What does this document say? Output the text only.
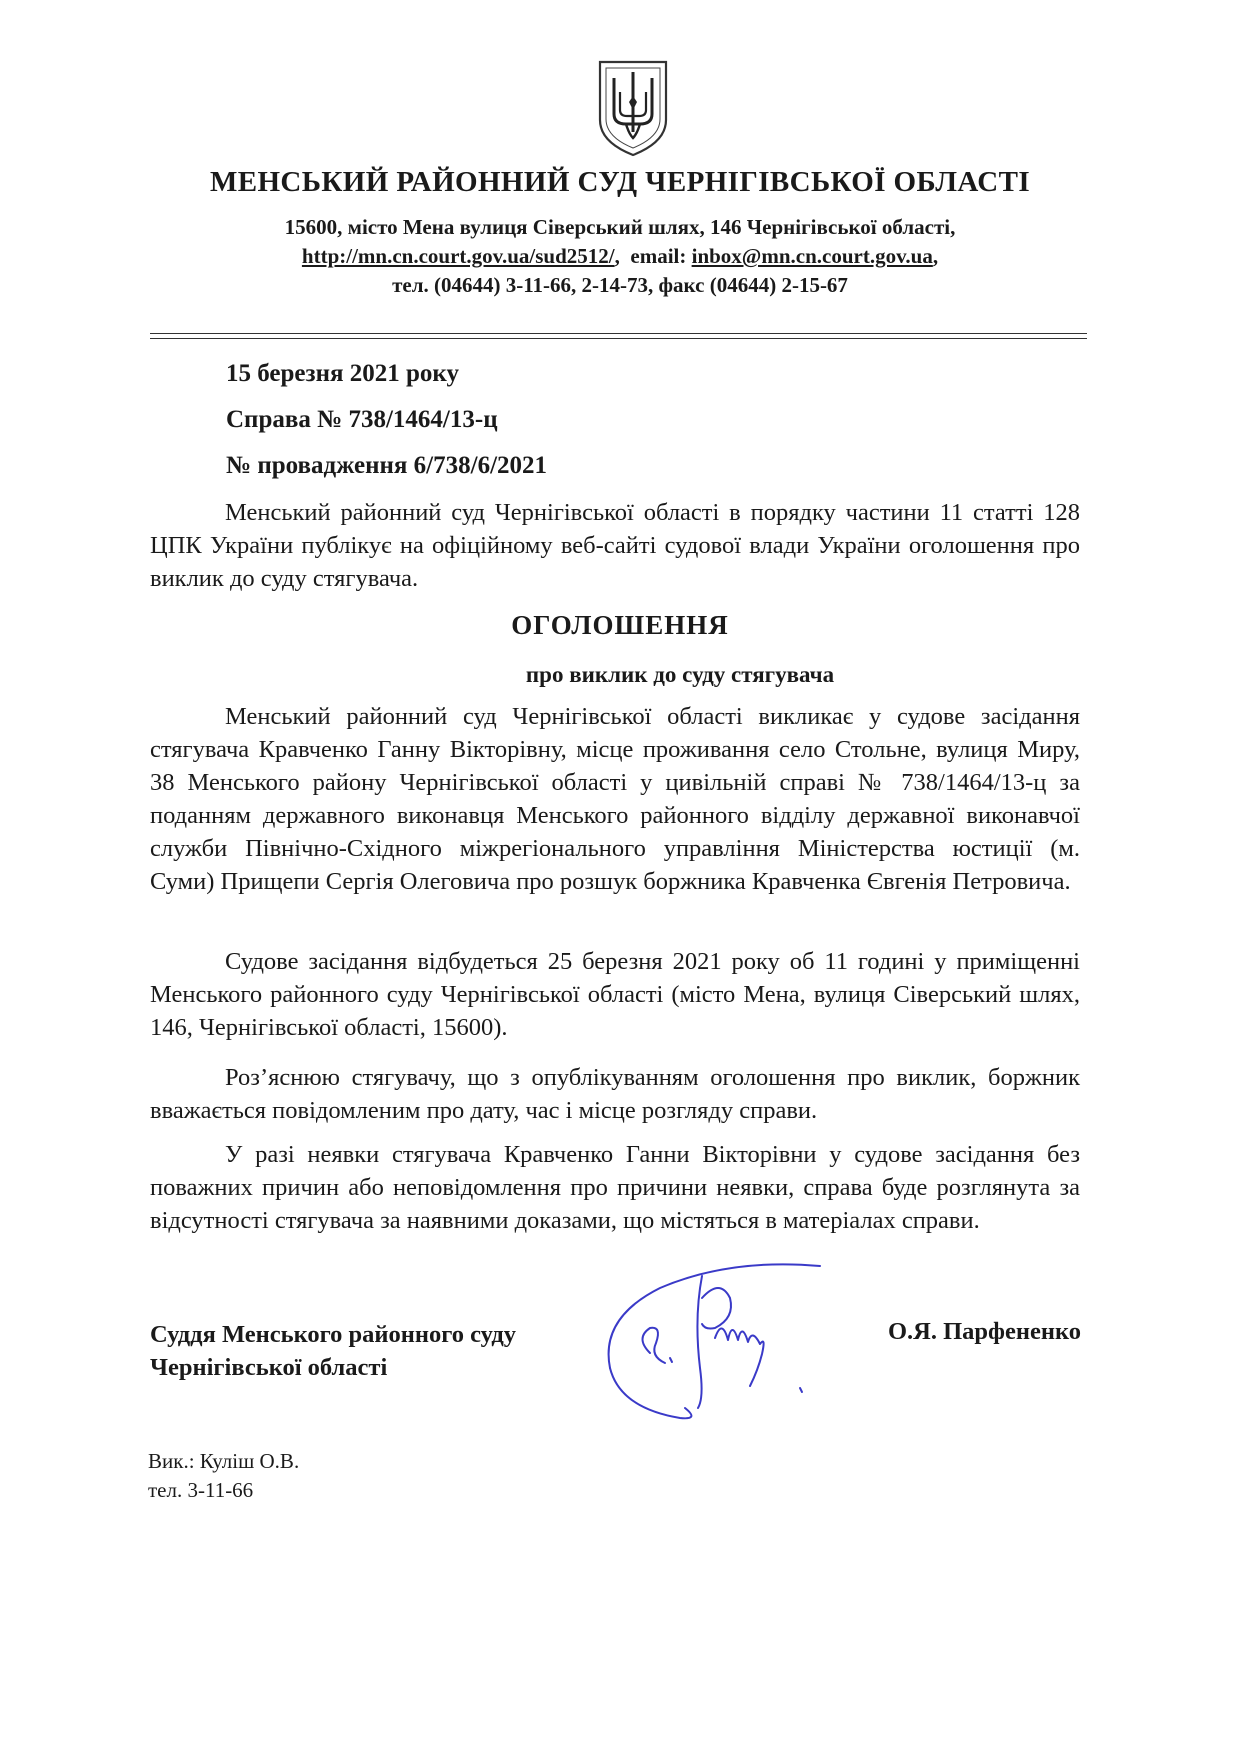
МЕНСЬКИЙ РАЙОННИЙ СУД ЧЕРНІГІВСЬКОЇ ОБЛАСТІ
15600, місто Мена вулиця Сіверський шлях, 146 Чернігівської області,
http://mn.cn.court.gov.ua/sud2512/,  email: inbox@mn.cn.court.gov.ua,
тел. (04644) 3-11-66, 2-14-73, факс (04644) 2-15-67
15 березня 2021 року
Справа № 738/1464/13-ц
№ провадження 6/738/6/2021
Менський районний суд Чернігівської області в порядку частини 11 статті 128 ЦПК України публікує на офіційному веб-сайті судової влади України оголошення про виклик до суду стягувача.
ОГОЛОШЕННЯ
про виклик до суду стягувача
Менський районний суд Чернігівської області викликає у судове засідання стягувача Кравченко Ганну Вікторівну, місце проживання село Стольне, вулиця Миру, 38 Менського району Чернігівської області у цивільній справі № 738/1464/13-ц за поданням державного виконавця Менського районного відділу державної виконавчої служби Північно-Східного міжрегіонального управління Міністерства юстиції (м. Суми) Прищепи Сергія Олеговича про розшук боржника Кравченка Євгенія Петровича.
Судове засідання відбудеться 25 березня 2021 року об 11 годині у приміщенні Менського районного суду Чернігівської області (місто Мена, вулиця Сіверський шлях, 146, Чернігівської області, 15600).
Роз’яснюю стягувачу, що з опублікуванням оголошення про виклик, боржник вважається повідомленим про дату, час і місце розгляду справи.
У разі неявки стягувача Кравченко Ганни Вікторівни у судове засідання без поважних причин або неповідомлення про причини неявки, справа буде розглянута за відсутності стягувача за наявними доказами, що містяться в матеріалах справи.
Суддя Менського районного суду
Чернігівської області
О.Я. Парфененко
Вик.: Куліш О.В.
тел. 3-11-66
